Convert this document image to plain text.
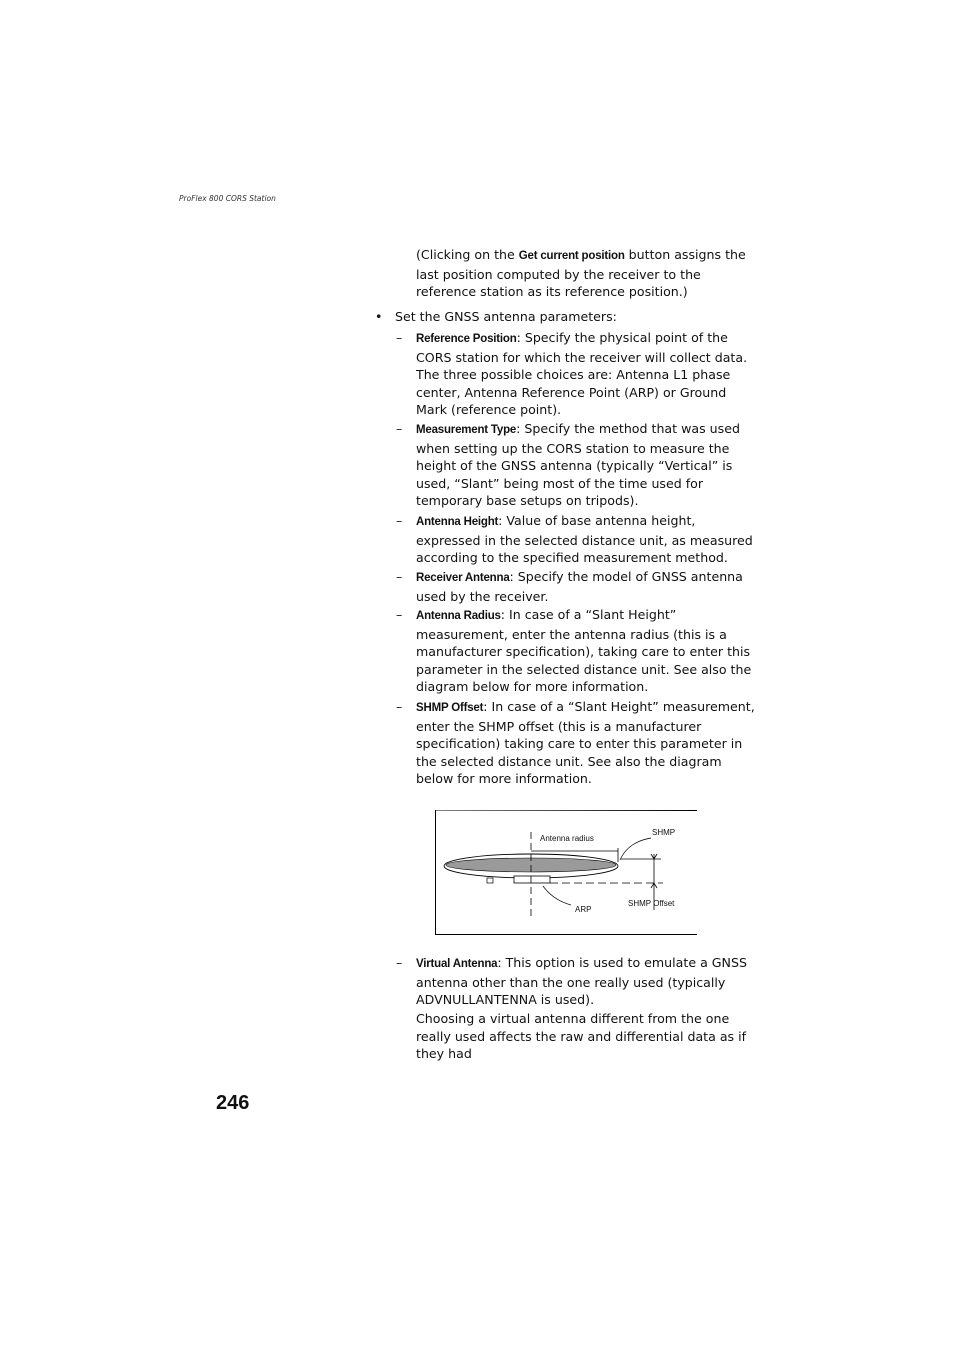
ProFlex 800 CORS Station
(Clicking on the Get current position button assigns the last position computed by the receiver to the reference station as its reference position.)
• Set the GNSS antenna parameters:
– Reference Position: Specify the physical point of the CORS station for which the receiver will collect data. The three possible choices are: Antenna L1 phase center, Antenna Reference Point (ARP) or Ground Mark (reference point).
– Measurement Type: Specify the method that was used when setting up the CORS station to measure the height of the GNSS antenna (typically “Vertical” is used, “Slant” being most of the time used for temporary base setups on tripods).
– Antenna Height: Value of base antenna height, expressed in the selected distance unit, as measured according to the specified measurement method.
– Receiver Antenna: Specify the model of GNSS antenna used by the receiver.
– Antenna Radius: In case of a “Slant Height” measurement, enter the antenna radius (this is a manufacturer specification), taking care to enter this parameter in the selected distance unit. See also the diagram below for more information.
– SHMP Offset: In case of a “Slant Height” measurement, enter the SHMP offset (this is a manufacturer specification) taking care to enter this parameter in the selected distance unit. See also the diagram below for more information.
Antenna radius
SHMP
ARP
SHMP Offset
– Virtual Antenna: This option is used to emulate a GNSS antenna other than the one really used (typically ADVNULLANTENNA is used).
Choosing a virtual antenna different from the one really used affects the raw and differential data as if they had
246
